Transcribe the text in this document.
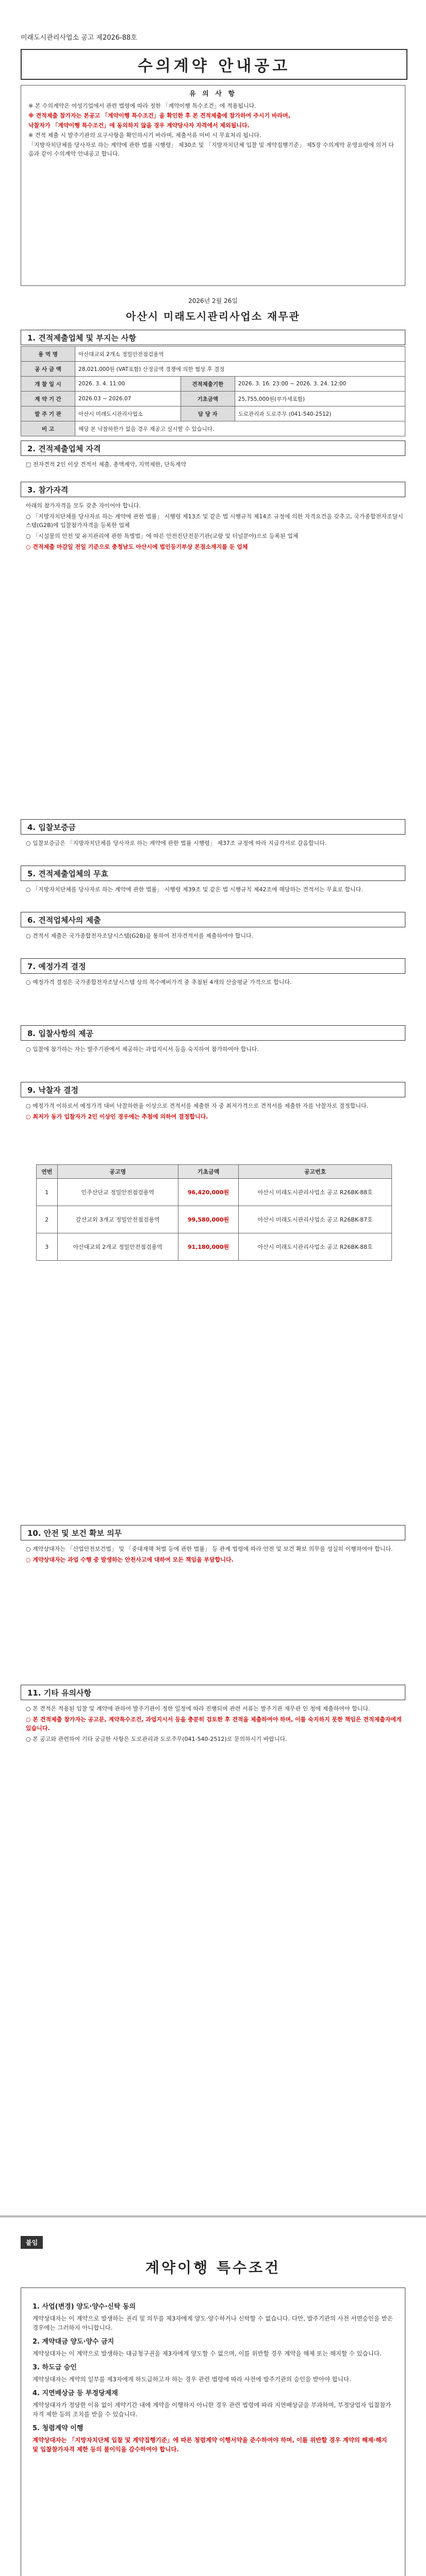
미래도시관리사업소 공고 제2026-88호
수의계약 안내공고
유 의 사 항

※ 본 수의계약은 여성기업에서 관련 법령에 따라 정한 「계약이행 특수조건」에 적용됩니다.

※ 견적제출 참가자는 본공고 「계약이행 특수조건」을 확인한 후 본 견적제출에 참가하여 주시기 바라며,

낙찰자가 「계약이행 특수조건」에 동의하지 않을 경우 계약당사자 자격에서 제외됩니다.

※ 견적 제출 시 발주기관의 요구사항을 확인하시기 바라며, 제출서류 미비 시 무효처리 됩니다.

「지방자치단체를 당사자로 하는 계약에 관한 법률 시행령」 제30조 및 「지방자치단체 입찰 및 계약집행기준」 제5장 수의계약 운영요령에 의거 다음과 같이 수의계약 안내공고 합니다.

2026년 2월 26일
아산시 미래도시관리사업소 재무관
1. 견적제출업체 및 부지는 사항
용 역 명	아산대교외 2개소 정밀안전점검용역		
공 사 금 액	28,021,000원 (VAT포함) 산정금액 경쟁에 의한 협상 후 결정		
개 찰 일 시	2026. 3. 4. 11:00	견적제출기한	2026. 3. 16. 23:00 ~ 2026. 3. 24. 12:00
계 약 기 간	2026.03 ~ 2026.07	기초금액	25,755,000원(부가세포함)
발 주 기 관	아산시 미래도시관리사업소	담 당 자	도로관리과 도로주무 (041-540-2512)
비 고	해당 본 낙찰하한가 없을 경우 재공고 실시할 수 있습니다.		
2. 견적제출업체 자격

□ 전자견적 2인 이상 견적서 제출, 총액계약, 지역제한, 단독계약

3. 참가자격

아래의 참가자격을 모두 갖춘 자이어야 합니다.

○ 「지방자치단체를 당사자로 하는 계약에 관한 법률」 시행령 제13조 및 같은 법 시행규칙 제14조 규정에 의한 자격요건을 갖추고, 국가종합전자조달시스템(G2B)에 입찰참가자격을 등록한 업체

○ 「시설물의 안전 및 유지관리에 관한 특별법」에 따른 안전진단전문기관(교량 및 터널분야)으로 등록된 업체

○ 견적제출 마감일 전일 기준으로 충청남도 아산시에 법인등기부상 본점소재지를 둔 업체

4. 입찰보증금

○ 입찰보증금은 「지방자치단체를 당사자로 하는 계약에 관한 법률 시행령」 제37조 규정에 따라 지급각서로 갈음합니다.

5. 견적제출업체의 무효

○ 「지방자치단체를 당사자로 하는 계약에 관한 법률」 시행령 제39조 및 같은 법 시행규칙 제42조에 해당하는 견적서는 무효로 합니다.

6. 견적업체사의 제출

○ 견적서 제출은 국가종합전자조달시스템(G2B)을 통하여 전자견적서를 제출하여야 합니다.

7. 예정가격 결정

○ 예정가격 결정은 국가종합전자조달시스템 상의 복수예비가격 중 추첨된 4개의 산술평균 가격으로 합니다.

8. 입찰사항의 제공

○ 입찰에 참가하는 자는 발주기관에서 제공하는 과업지시서 등을 숙지하여 참가하여야 합니다.

9. 낙찰자 결정

○ 예정가격 이하로서 예정가격 대비 낙찰하한율 이상으로 견적서를 제출한 자 중 최저가격으로 견적서를 제출한 자를 낙찰자로 결정합니다.

○ 최저가 동가 입찰자가 2인 이상인 경우에는 추첨에 의하여 결정합니다.

연번	공고명	기초금액	공고번호
1	인주산단교 정밀안전점검용역	96,420,000원	아산시 미래도시관리사업소 공고 R26BK-88호
2	갈산교외 3개교 정밀안전점검용역	99,580,000원	아산시 미래도시관리사업소 공고 R26BK-87호
3	아산대교외 2개교 정밀안전점검용역	91,180,000원	아산시 미래도시관리사업소 공고 R26BK-88호
10. 안전 및 보건 확보 의무

○ 계약상대자는 「산업안전보건법」 및 「중대재해 처벌 등에 관한 법률」 등 관계 법령에 따라 안전 및 보건 확보 의무를 성실히 이행하여야 합니다.

○ 계약상대자는 과업 수행 중 발생하는 안전사고에 대하여 모든 책임을 부담합니다.

11. 기타 유의사항

○ 본 견적은 적용된 입찰 및 계약에 관하여 발주기관이 정한 일정에 따라 진행되며 관련 서류는 발주기관 재무관 인 청에 제출하여야 합니다.

○ 본 견적제출 참가자는 공고문, 계약특수조건, 과업지시서 등을 충분히 검토한 후 견적을 제출하여야 하며, 이를 숙지하지 못한 책임은 견적제출자에게 있습니다.

○ 본 공고와 관련하여 기타 궁금한 사항은 도로관리과 도로주무(041-540-2512)로 문의하시기 바랍니다.

붙임
계약이행 특수조건
1. 사업(변경) 양도·양수·신탁 동의

계약상대자는 이 계약으로 발생하는 권리 및 의무를 제3자에게 양도·양수하거나 신탁할 수 없습니다. 다만, 발주기관의 사전 서면승인을 받은 경우에는 그러하지 아니합니다.

2. 계약대금 양도·양수 금지

계약상대자는 이 계약으로 발생하는 대금청구권을 제3자에게 양도할 수 없으며, 이를 위반할 경우 계약을 해제 또는 해지할 수 있습니다.

3. 하도급 승인

계약상대자는 계약의 일부를 제3자에게 하도급하고자 하는 경우 관련 법령에 따라 사전에 발주기관의 승인을 받아야 합니다.

4. 지연배상금 등 부정당제재

계약상대자가 정당한 이유 없이 계약기간 내에 계약을 이행하지 아니한 경우 관련 법령에 따라 지연배상금을 부과하며, 부정당업자 입찰참가자격 제한 등의 조치를 받을 수 있습니다.

5. 청렴계약 이행

계약상대자는 「지방자치단체 입찰 및 계약집행기준」에 따른 청렴계약 이행서약을 준수하여야 하며, 이를 위반할 경우 계약의 해제·해지 및 입찰참가자격 제한 등의 불이익을 감수하여야 합니다.
